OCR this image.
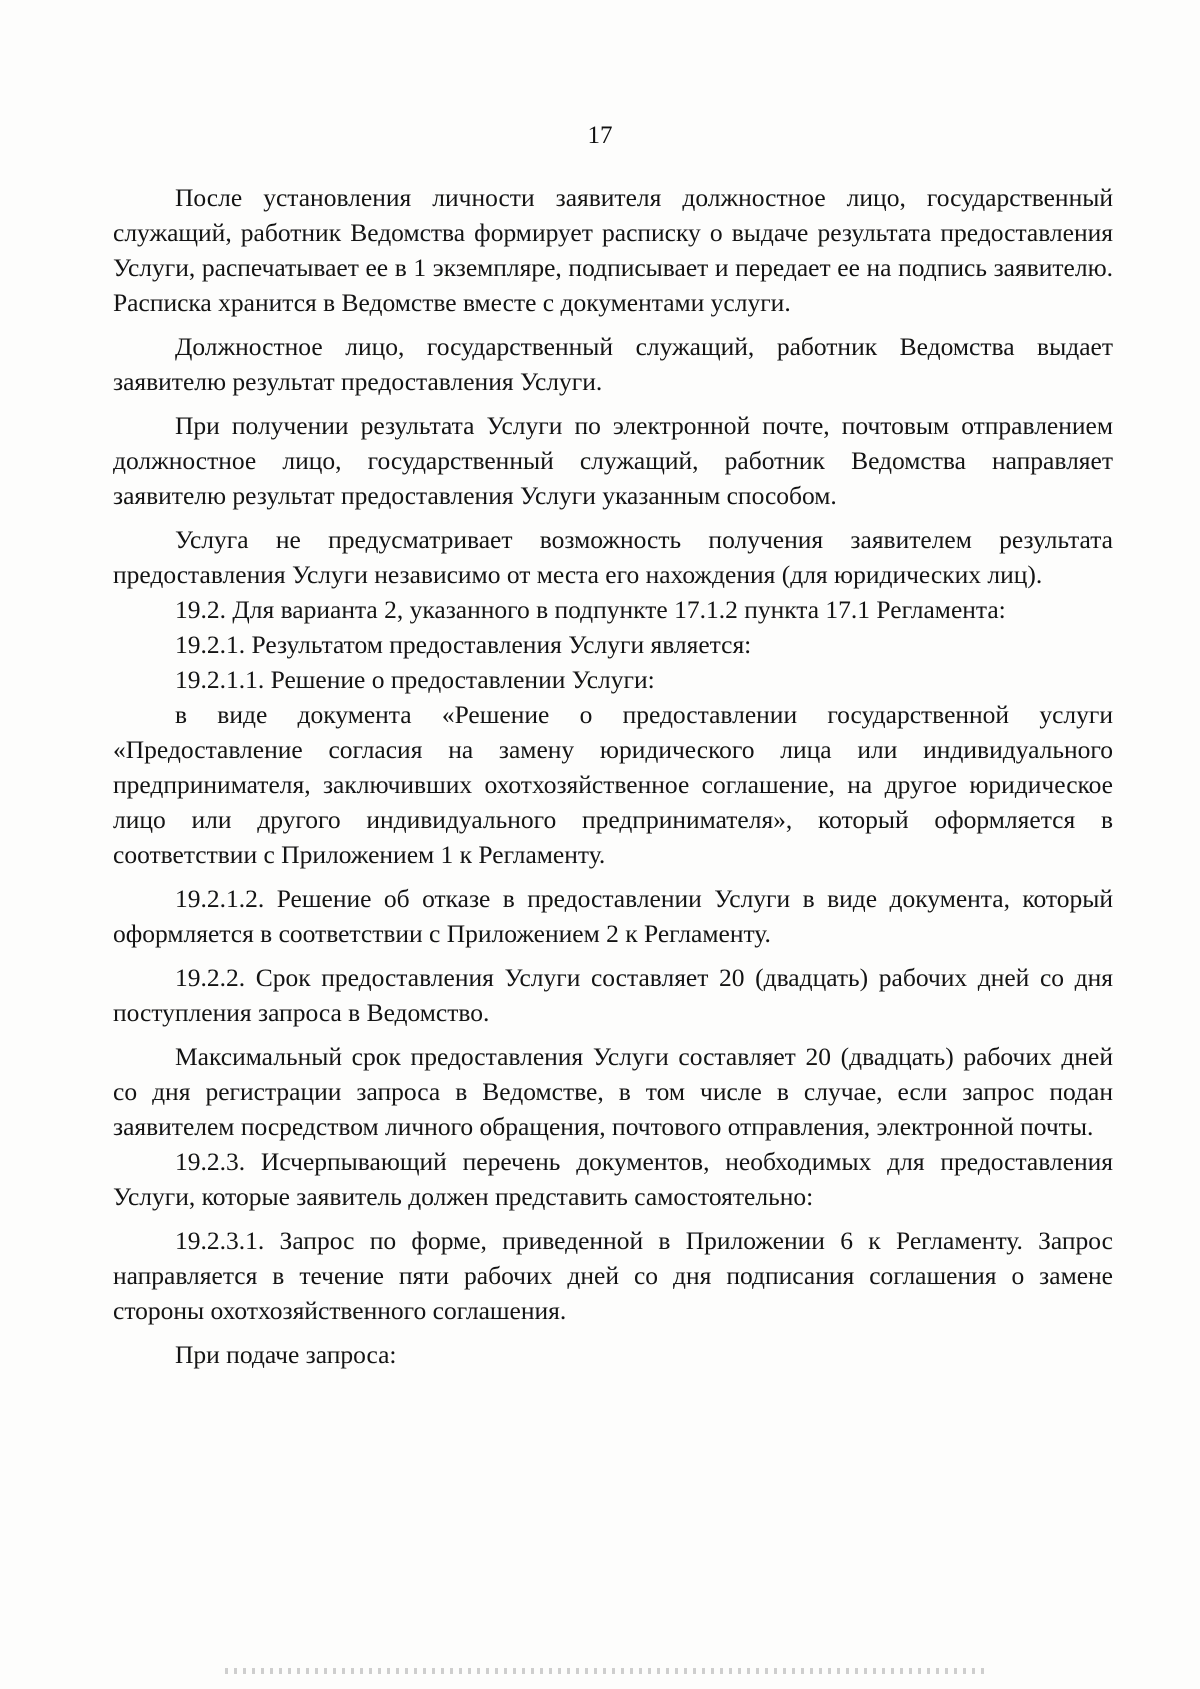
17

После установления личности заявителя должностное лицо, государственный служащий, работник Ведомства формирует расписку о выдаче результата предоставления Услуги, распечатывает ее в 1 экземпляре, подписывает и передает ее на подпись заявителю. Расписка хранится в Ведомстве вместе с документами услуги.

Должностное лицо, государственный служащий, работник Ведомства выдает заявителю результат предоставления Услуги.

При получении результата Услуги по электронной почте, почтовым отправлением должностное лицо, государственный служащий, работник Ведомства направляет заявителю результат предоставления Услуги указанным способом.

Услуга не предусматривает возможность получения заявителем результата предоставления Услуги независимо от места его нахождения (для юридических лиц).

19.2. Для варианта 2, указанного в подпункте 17.1.2 пункта 17.1 Регламента:

19.2.1. Результатом предоставления Услуги является:

19.2.1.1. Решение о предоставлении Услуги:

в виде документа «Решение о предоставлении государственной услуги «Предоставление согласия на замену юридического лица или индивидуального предпринимателя, заключивших охотхозяйственное соглашение, на другое юридическое лицо или другого индивидуального предпринимателя», который оформляется в соответствии с Приложением 1 к Регламенту.

19.2.1.2. Решение об отказе в предоставлении Услуги в виде документа, который оформляется в соответствии с Приложением 2 к Регламенту.

19.2.2. Срок предоставления Услуги составляет 20 (двадцать) рабочих дней со дня поступления запроса в Ведомство.

Максимальный срок предоставления Услуги составляет 20 (двадцать) рабочих дней со дня регистрации запроса в Ведомстве, в том числе в случае, если запрос подан заявителем посредством личного обращения, почтового отправления, электронной почты.

19.2.3. Исчерпывающий перечень документов, необходимых для предоставления Услуги, которые заявитель должен представить самостоятельно:

19.2.3.1. Запрос по форме, приведенной в Приложении 6 к Регламенту. Запрос направляется в течение пяти рабочих дней со дня подписания соглашения о замене стороны охотхозяйственного соглашения.

При подаче запроса:
